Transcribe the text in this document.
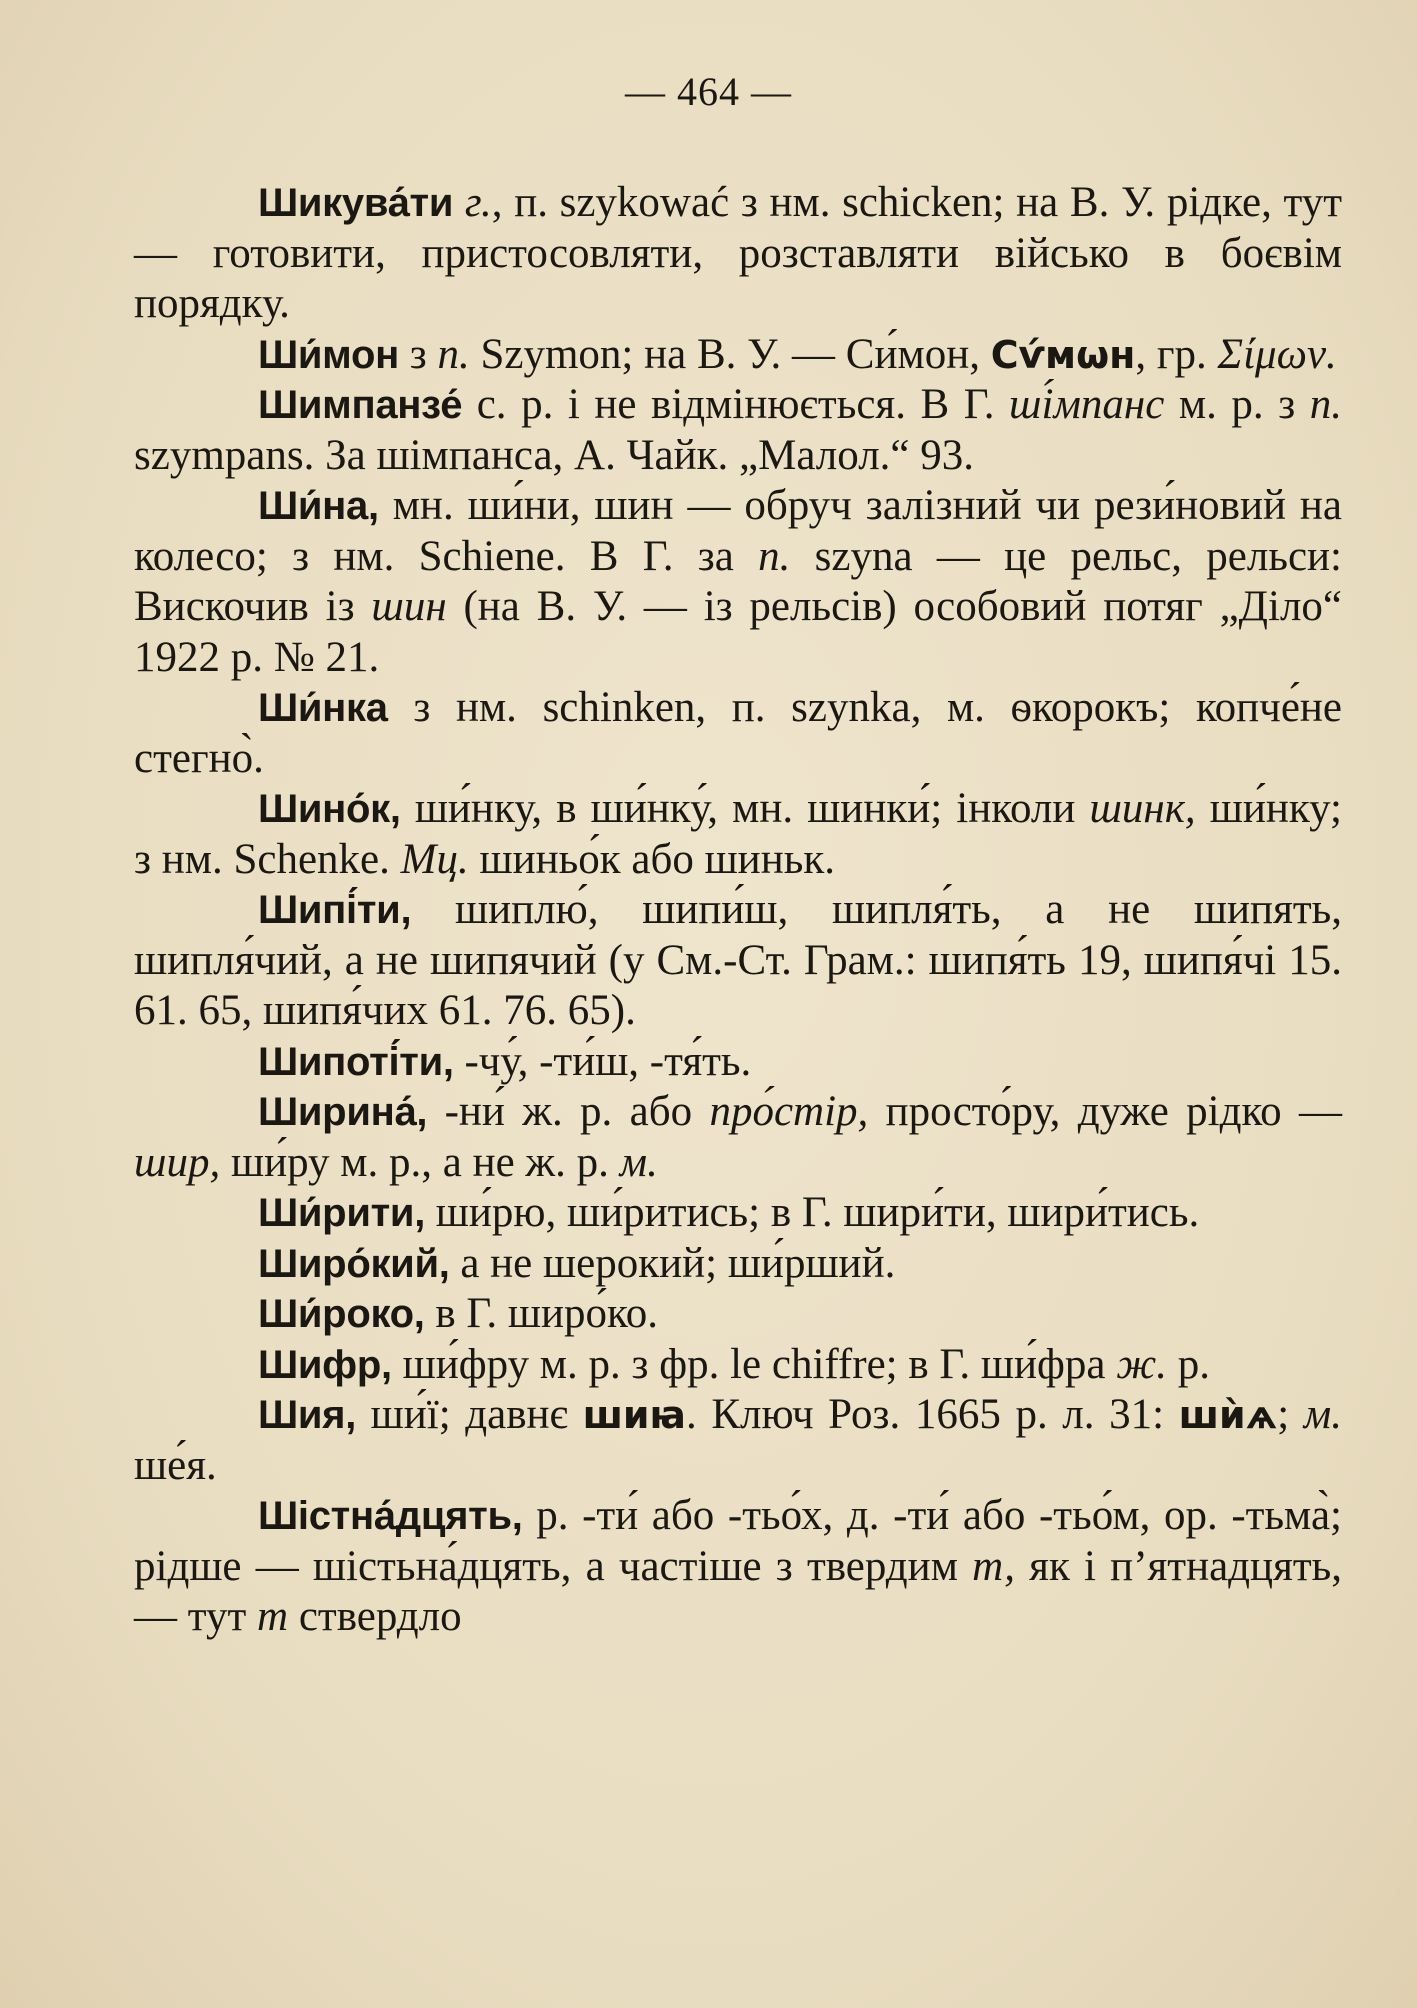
— 464 —

Шикува́ти г., п. szykować з нм. schicken; на В. У. рідке, тут — готовити, пристосовляти, розставляти військо в боєвім порядку.

Ши́мон з п. Szymon; на В. У. — Си́мон, Сѵ́мѡн, гр. Σίμων.

Шимпанзе́ с. р. і не відмінюється. В Г. ші́мпанс м. р. з п. szympans. За шімпанса, А. Чайк. „Малол.“ 93.

Ши́на, мн. ши́ни, шин — обруч залізний чи рези́новий на колесо; з нм. Schiene. В Г. за п. szyna — це рельс, рельси: Вискочив із шин (на В. У. — із рельсів) особовий потяг „Діло“ 1922 р. № 21.

Ши́нка з нм. schinken, п. szynka, м. ѳкорокъ; копче́не стегно̀.

Шино́к, ши́нку, в ши́нку́, мн. шинки́; інколи шинк, ши́нку; з нм. Schenke. Мц. шиньо́к або шиньк.

Шипі́ти, шиплю́, шипи́ш, шипля́ть, а не шипять, шипля́чий, а не шипячий (у См.-Ст. Грам.: шипя́ть 19, шипя́чі 15. 61. 65, шипя́чих 61. 76. 65).

Шипоті́ти, -чу́, -ти́ш, -тя́ть.

Ширина́, -ни́ ж. р. або про́стір, просто́ру, дуже рідко — шир, ши́ру м. р., а не ж. р. м.

Ши́рити, ши́рю, ши́ритись; в Г. шири́ти, шири́тись.

Широ́кий, а не шерокий; ши́рший.

Ши́роко, в Г. широ́ко.

Шифр, ши́фру м. р. з фр. le chiffre; в Г. ши́фра ж. р.

Шия, ши́ї; давнє шиꙗ. Ключ Роз. 1665 р. л. 31: шѝѧ; м. ше́я.

Шістна́дцять, р. -ти́ або -тьо́х, д. -ти́ або -тьо́м, ор. -тьма̀; рідше — шістьна́дцять, а частіше з твердим т, як і п’ятнадцять, — тут т ствердло
